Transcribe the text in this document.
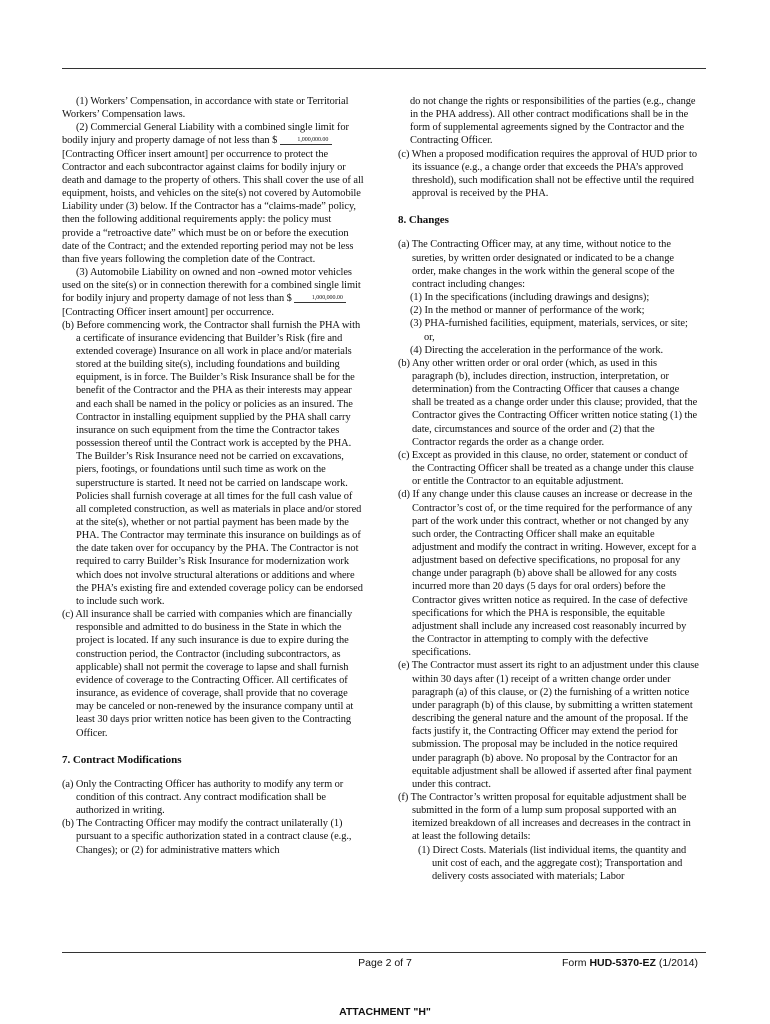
(1) Workers’ Compensation, in accordance with state or Territorial Workers’ Compensation laws.

(2) Commercial General Liability with a combined single limit for bodily injury and property damage of not less than $	1,000,000.00 [Contracting Officer insert amount] per occurrence to protect the Contractor and each subcontractor against claims for bodily injury or death and damage to the property of others. This shall cover the use of all equipment, hoists, and vehicles on the site(s) not covered by Automobile Liability under (3) below. If the Contractor has a “claims-made” policy, then the following additional requirements apply: the policy must provide a “retroactive date” which must be on or before the execution date of the Contract; and the extended reporting period may not be less than five years following the completion date of the Contract.

(3) Automobile Liability on owned and non -owned motor vehicles used on the site(s) or in connection therewith for a combined single limit for bodily injury and property damage of not less than $	1,000,000.00 [Contracting Officer insert amount] per occurrence.

(b) Before commencing work, the Contractor shall furnish the PHA with a certificate of insurance evidencing that Builder’s Risk (fire and extended coverage) Insurance on all work in place and/or materials stored at the building site(s), including foundations and building equipment, is in force. The Builder’s Risk Insurance shall be for the benefit of the Contractor and the PHA as their interests may appear and each shall be named in the policy or policies as an insured. The Contractor in installing equipment supplied by the PHA shall carry insurance on such equipment from the time the Contractor takes possession thereof until the Contract work is accepted by the PHA. The Builder’s Risk Insurance need not be carried on excavations, piers, footings, or foundations until such time as work on the superstructure is started. It need not be carried on landscape work. Policies shall furnish coverage at all times for the full cash value of all completed construction, as well as materials in place and/or stored at the site(s), whether or not partial payment has been made by the PHA. The Contractor may terminate this insurance on buildings as of the date taken over for occupancy by the PHA. The Contractor is not required to carry Builder’s Risk Insurance for modernization work which does not involve structural alterations or additions and where the PHA’s existing fire and extended coverage policy can be endorsed to include such work.

(c) All insurance shall be carried with companies which are financially responsible and admitted to do business in the State in which the project is located. If any such insurance is due to expire during the construction period, the Contractor (including subcontractors, as applicable) shall not permit the coverage to lapse and shall furnish evidence of coverage to the Contracting Officer. All certificates of insurance, as evidence of coverage, shall provide that no coverage may be canceled or non-renewed by the insurance company until at least 30 days prior written notice has been given to the Contracting Officer.

7. Contract Modifications

(a) Only the Contracting Officer has authority to modify any term or condition of this contract. Any contract modification shall be authorized in writing.

(b) The Contracting Officer may modify the contract unilaterally (1) pursuant to a specific authorization stated in a contract clause (e.g., Changes); or (2) for administrative matters which

do not change the rights or responsibilities of the parties (e.g., change in the PHA address). All other contract modifications shall be in the form of supplemental agreements signed by the Contractor and the Contracting Officer.

(c) When a proposed modification requires the approval of HUD prior to its issuance (e.g., a change order that exceeds the PHA’s approved threshold), such modification shall not be effective until the required approval is received by the PHA.

8. Changes

(a) The Contracting Officer may, at any time, without notice to the sureties, by written order designated or indicated to be a change order, make changes in the work within the general scope of the contract including changes:

(1) In the specifications (including drawings and designs);

(2) In the method or manner of performance of the work;

(3) PHA-furnished facilities, equipment, materials, services, or site; or,

(4) Directing the acceleration in the performance of the work.

(b) Any other written order or oral order (which, as used in this paragraph (b), includes direction, instruction, interpretation, or determination) from the Contracting Officer that causes a change shall be treated as a change order under this clause; provided, that the Contractor gives the Contracting Officer written notice stating (1) the date, circumstances and source of the order and (2) that the Contractor regards the order as a change order.

(c) Except as provided in this clause, no order, statement or conduct of the Contracting Officer shall be treated as a change under this clause or entitle the Contractor to an equitable adjustment.

(d) If any change under this clause causes an increase or decrease in the Contractor’s cost of, or the time required for the performance of any part of the work under this contract, whether or not changed by any such order, the Contracting Officer shall make an equitable adjustment and modify the contract in writing. However, except for a adjustment based on defective specifications, no proposal for any change under paragraph (b) above shall be allowed for any costs incurred more than 20 days (5 days for oral orders) before the Contractor gives written notice as required. In the case of defective specifications for which the PHA is responsible, the equitable adjustment shall include any increased cost reasonably incurred by the Contractor in attempting to comply with the defective specifications.

(e) The Contractor must assert its right to an adjustment under this clause within 30 days after (1) receipt of a written change order under paragraph (a) of this clause, or (2) the furnishing of a written notice under paragraph (b) of this clause, by submitting a written statement describing the general nature and the amount of the proposal. If the facts justify it, the Contracting Officer may extend the period for submission. The proposal may be included in the notice required under paragraph (b) above. No proposal by the Contractor for an equitable adjustment shall be allowed if asserted after final payment under this contract.

(f) The Contractor’s written proposal for equitable adjustment shall be submitted in the form of a lump sum proposal supported with an itemized breakdown of all increases and decreases in the contract in at least the following details:

(1) Direct Costs. Materials (list individual items, the quantity and unit cost of each, and the aggregate cost); Transportation and delivery costs associated with materials; Labor

Page 2 of 7	Form HUD-5370-EZ (1/2014)
ATTACHMENT "H"
